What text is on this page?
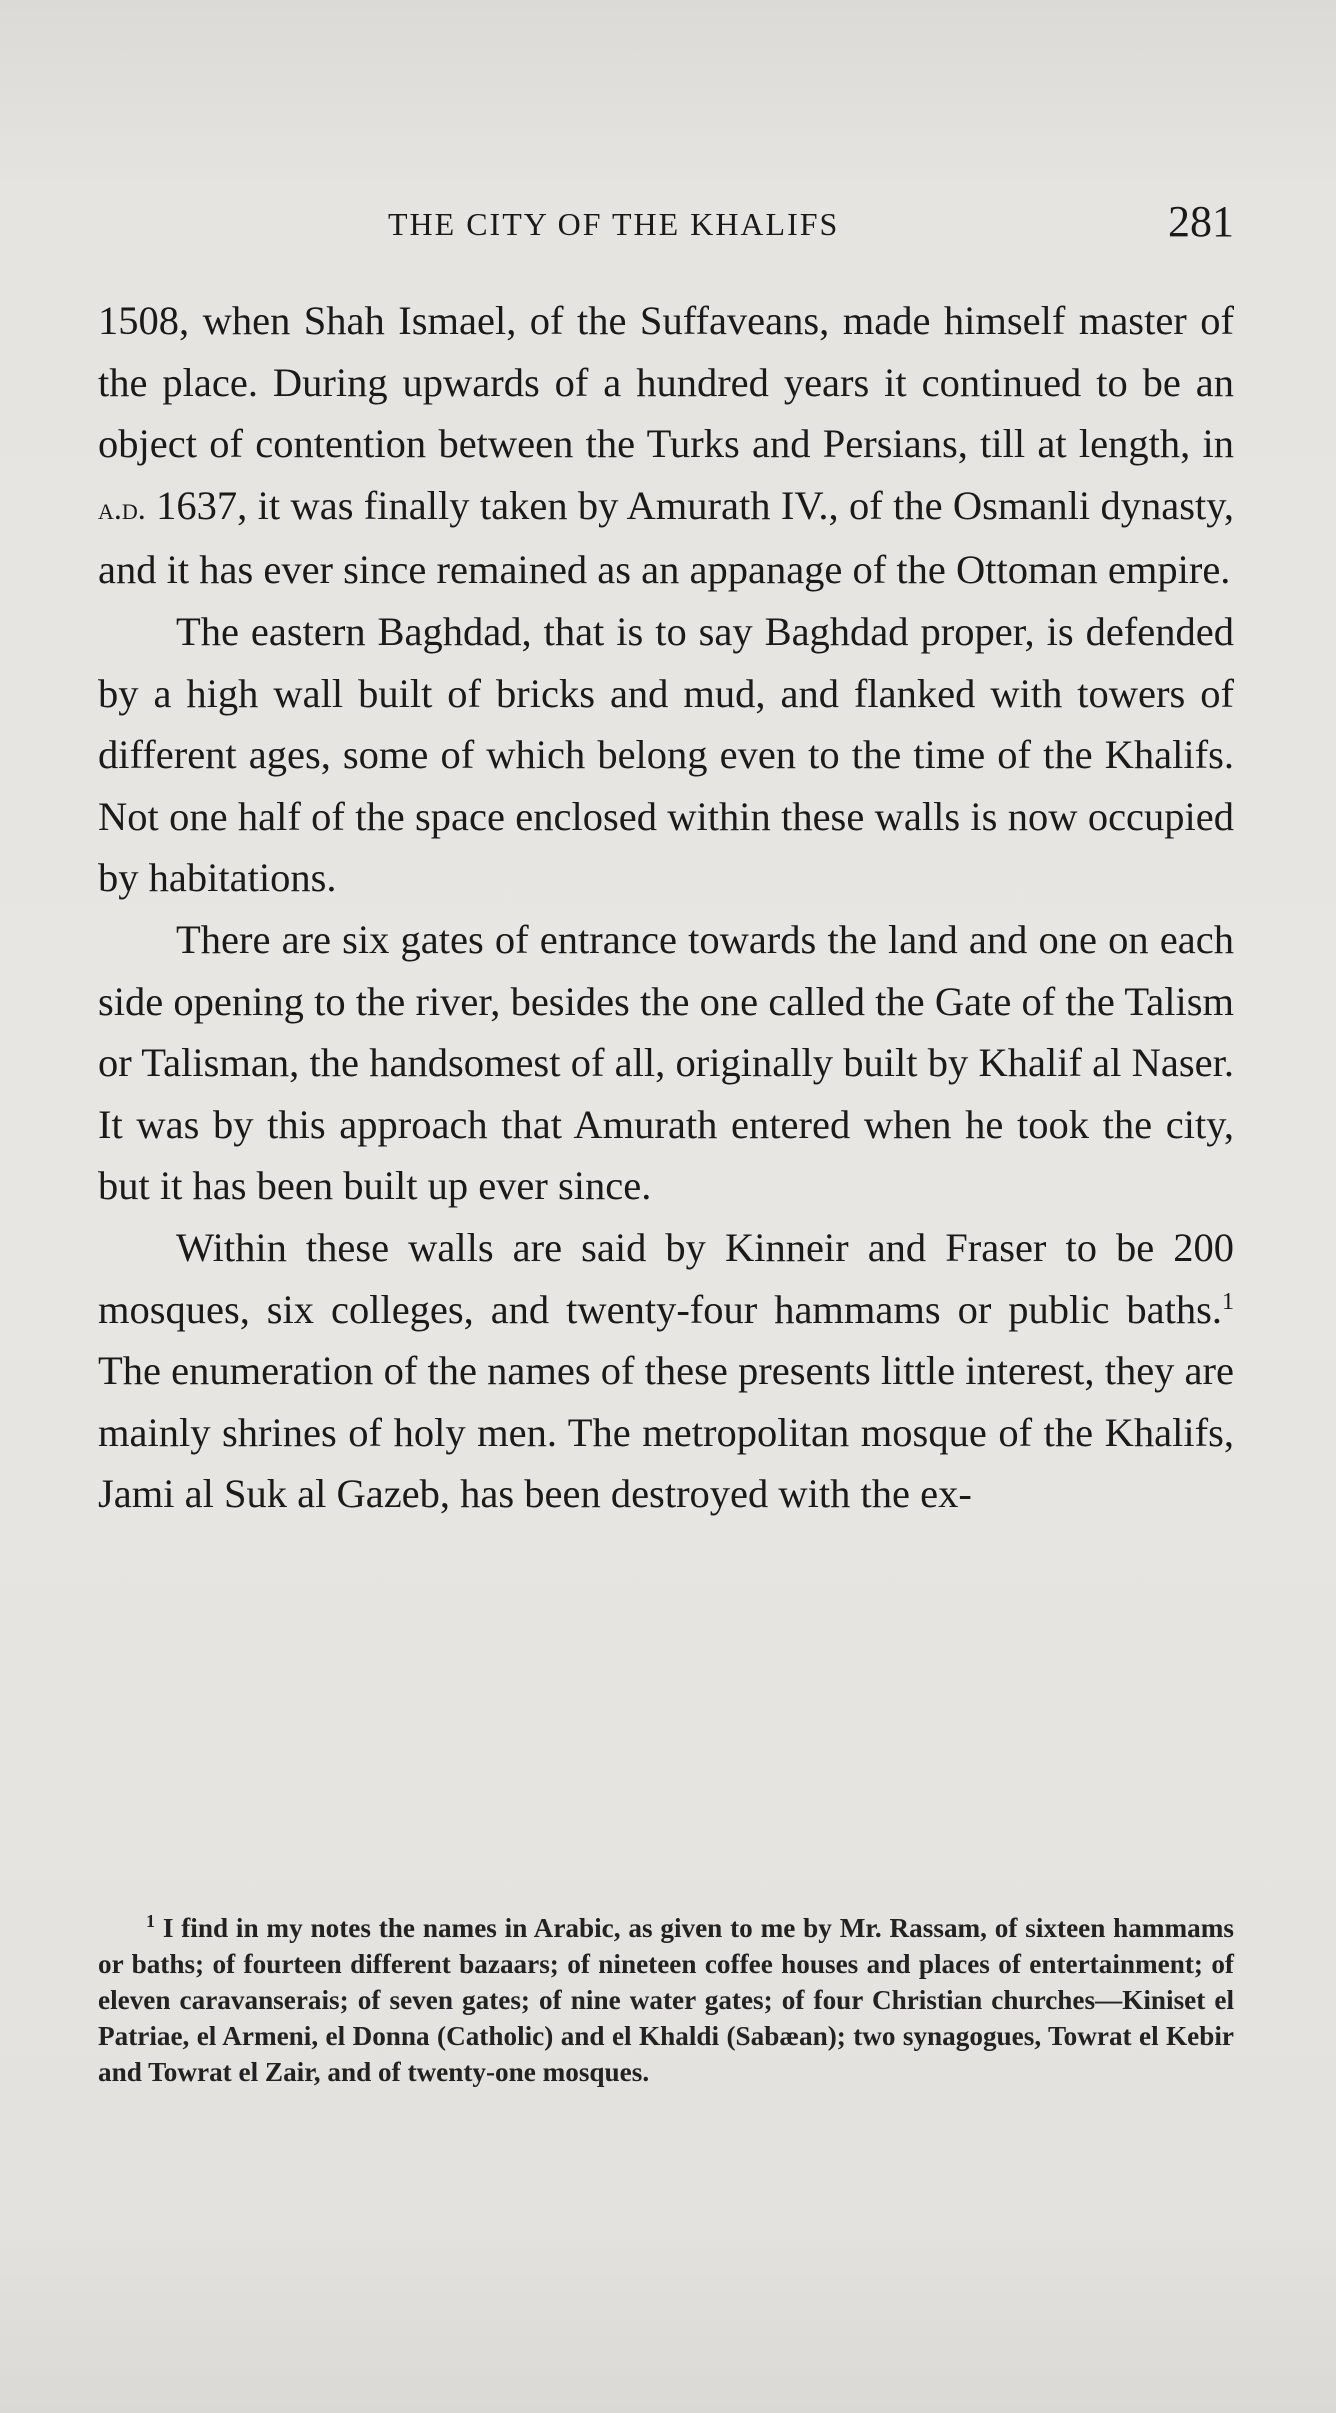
THE CITY OF THE KHALIFS	281

1508, when Shah Ismael, of the Suffaveans, made himself master of the place. During upwards of a hundred years it continued to be an object of contention between the Turks and Persians, till at length, in a.d. 1637, it was finally taken by Amurath IV., of the Osmanli dynasty, and it has ever since remained as an appanage of the Ottoman empire.

The eastern Baghdad, that is to say Baghdad proper, is defended by a high wall built of bricks and mud, and flanked with towers of different ages, some of which belong even to the time of the Khalifs. Not one half of the space enclosed within these walls is now occupied by habitations.

There are six gates of entrance towards the land and one on each side opening to the river, besides the one called the Gate of the Talism or Talisman, the handsomest of all, originally built by Khalif al Naser. It was by this approach that Amurath entered when he took the city, but it has been built up ever since.

Within these walls are said by Kinneir and Fraser to be 200 mosques, six colleges, and twenty-four hammams or public baths.$^1$ The enumeration of the names of these presents little interest, they are mainly shrines of holy men. The metropolitan mosque of the Khalifs, Jami al Suk al Gazeb, has been destroyed with the ex-

$^1$ I find in my notes the names in Arabic, as given to me by Mr. Rassam, of sixteen hammams or baths; of fourteen different bazaars; of nineteen coffee houses and places of entertainment; of eleven caravanserais; of seven gates; of nine water gates; of four Christian churches—Kiniset el Patriae, el Armeni, el Donna (Catholic) and el Khaldi (Sabæan); two synagogues, Towrat el Kebir and Towrat el Zair, and of twenty-one mosques.
